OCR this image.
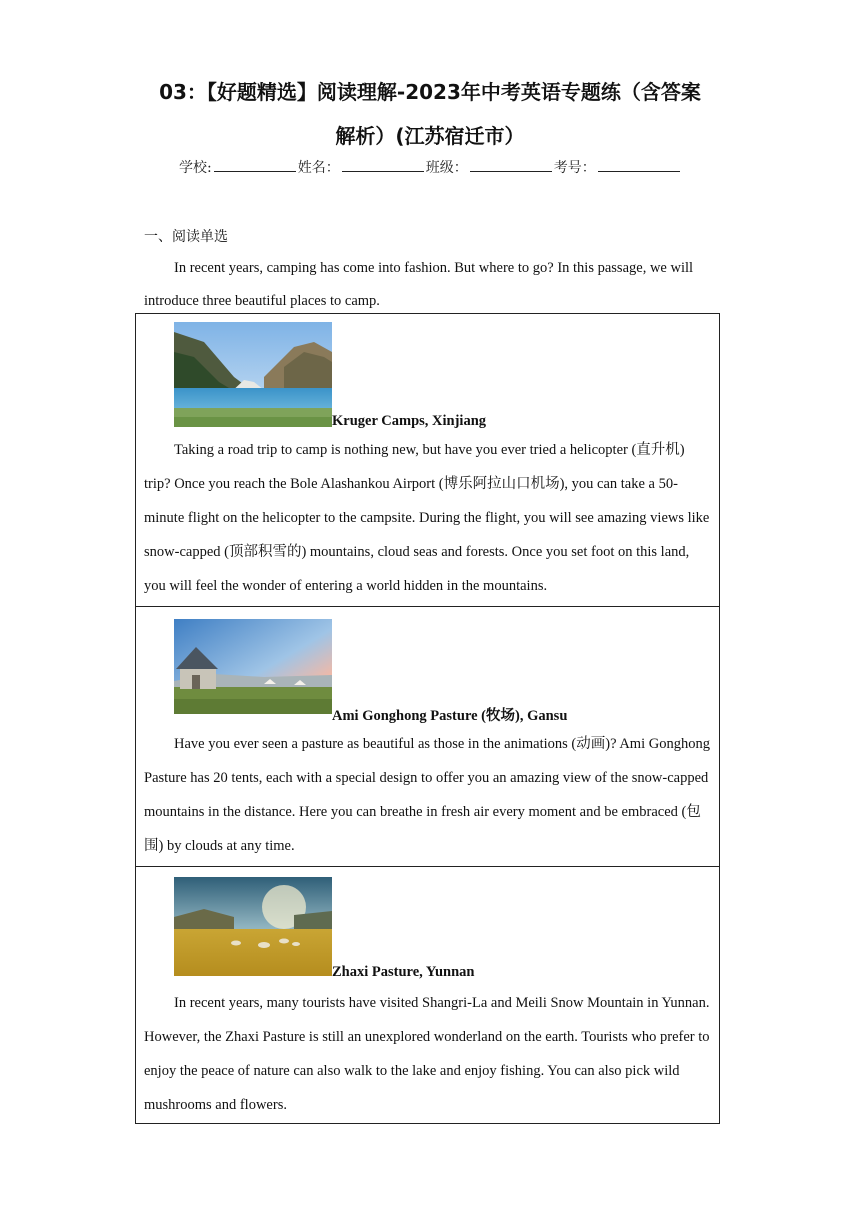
03：【好题精选】阅读理解-2023年中考英语专题练（含答案
解析）(江苏宿迁市）
学校:	姓名：	班级：	考号：
一、阅读单选

In recent years, camping has come into fashion. But where to go? In this passage, we will introduce three beautiful places to camp.

Kruger Camps, Xinjiang

Taking a road trip to camp is nothing new, but have you ever tried a helicopter (直升机) trip? Once you reach the Bole Alashankou Airport (博乐阿拉山口机场), you can take a 50-minute flight on the helicopter to the campsite. During the flight, you will see amazing views like snow-capped (顶部积雪的) mountains, cloud seas and forests. Once you set foot on this land, you will feel the wonder of entering a world hidden in the mountains.

Ami Gonghong Pasture (牧场), Gansu

Have you ever seen a pasture as beautiful as those in the animations (动画)? Ami Gonghong Pasture has 20 tents, each with a special design to offer you an amazing view of the snow-capped mountains in the distance. Here you can breathe in fresh air every moment and be embraced (包围) by clouds at any time.

Zhaxi Pasture, Yunnan

In recent years, many tourists have visited Shangri-La and Meili Snow Mountain in Yunnan. However, the Zhaxi Pasture is still an unexplored wonderland on the earth. Tourists who prefer to enjoy the peace of nature can also walk to the lake and enjoy fishing. You can also pick wild mushrooms and flowers.
